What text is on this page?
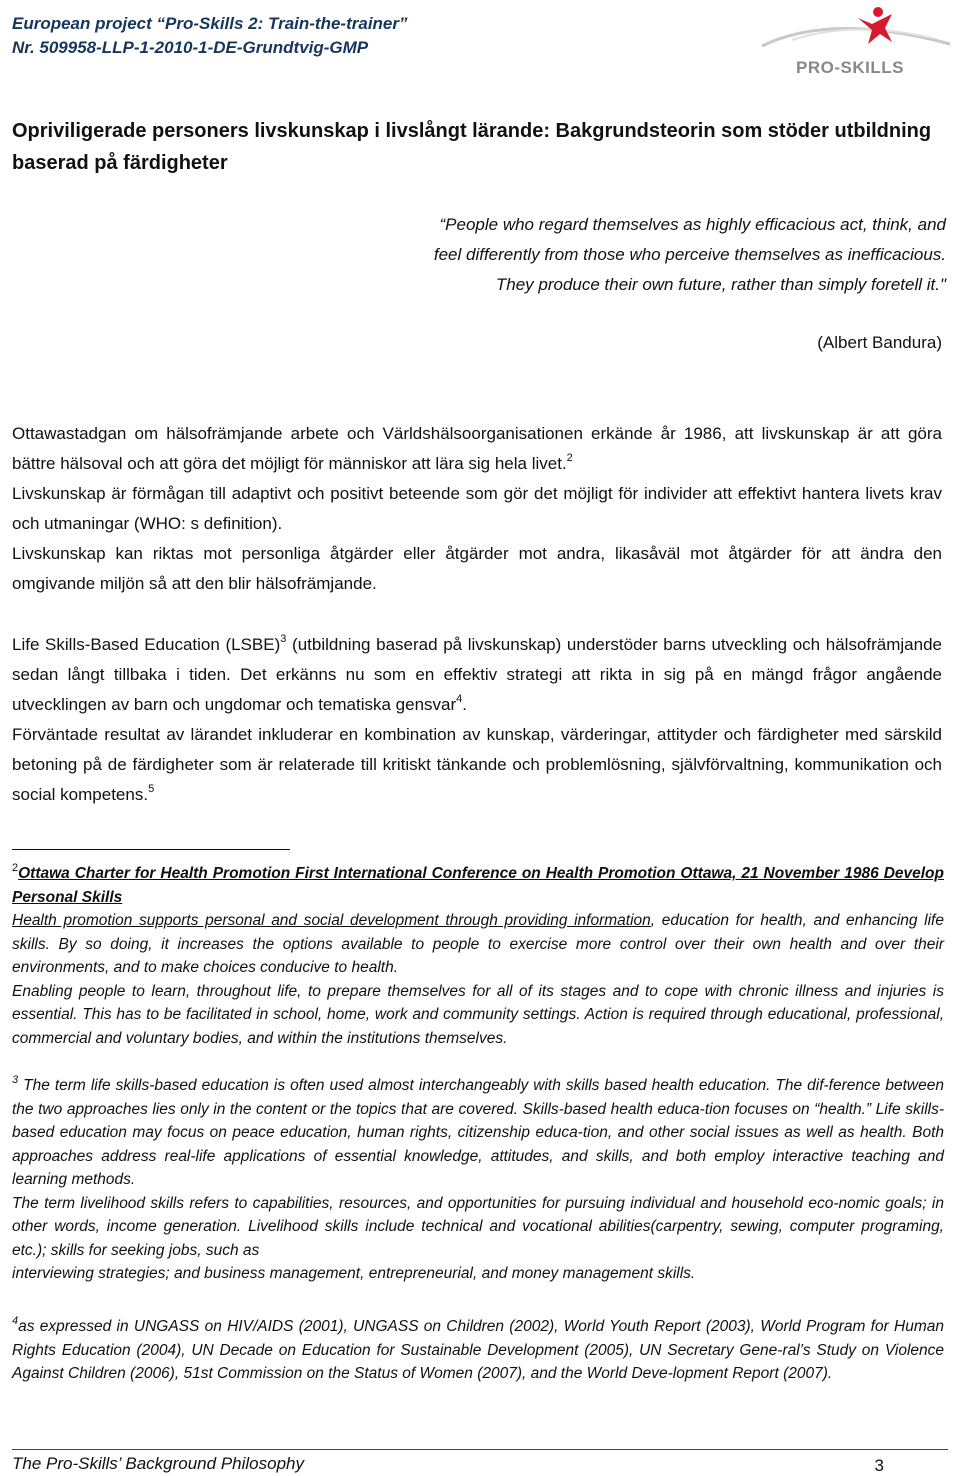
European project “Pro-Skills 2: Train-the-trainer”
Nr. 509958-LLP-1-2010-1-DE-Grundtvig-GMP
PRO-SKILLS
Opriviligerade personers livskunskap i livslångt lärande: Bakgrundsteorin som stöder utbildning baserad på färdigheter
“People who regard themselves as highly efficacious act, think, and
feel differently from those who perceive themselves as inefficacious.
They produce their own future, rather than simply foretell it."
(Albert Bandura)

Ottawastadgan om hälsofrämjande arbete och Världshälsoorganisationen erkände år 1986, att livskunskap är att göra bättre hälsoval och att göra det möjligt för människor att lära sig hela livet.$^2$

Livskunskap är förmågan till adaptivt och positivt beteende som gör det möjligt för individer att effektivt hantera livets krav och utmaningar (WHO: s definition).

Livskunskap kan riktas mot personliga åtgärder eller åtgärder mot andra, likasåväl mot åtgärder för att ändra den omgivande miljön så att den blir hälsofrämjande.

Life Skills-Based Education (LSBE)$^3$ (utbildning baserad på livskunskap) understöder barns utveckling och hälsofrämjande sedan långt tillbaka i tiden. Det erkänns nu som en effektiv strategi att rikta in sig på en mängd frågor angående utvecklingen av barn och ungdomar och tematiska gensvar$^4$.

Förväntade resultat av lärandet inkluderar en kombination av kunskap, värderingar, attityder och färdigheter med särskild betoning på de färdigheter som är relaterade till kritiskt tänkande och problemlösning, självförvaltning, kommunikation och social kompetens.$^5$

$^2$Ottawa Charter for Health Promotion First International Conference on Health Promotion Ottawa, 21 November 1986 Develop Personal Skills

Health promotion supports personal and social development through providing information, education for health, and enhancing life skills. By so doing, it increases the options available to people to exercise more control over their own health and over their environments, and to make choices conducive to health.

Enabling people to learn, throughout life, to prepare themselves for all of its stages and to cope with chronic illness and injuries is essential. This has to be facilitated in school, home, work and community settings. Action is required through educational, professional, commercial and voluntary bodies, and within the institutions themselves.

$^3$ The term life skills-based education is often used almost interchangeably with skills based health education. The dif-ference between the two approaches lies only in the content or the topics that are covered. Skills-based health educa-tion focuses on “health.” Life skills-based education may focus on peace education, human rights, citizenship educa-tion, and other social issues as well as health. Both approaches address real-life applications of essential knowledge, attitudes, and skills, and both employ interactive teaching and learning methods.

The term livelihood skills refers to capabilities, resources, and opportunities for pursuing individual and household eco-nomic goals; in other words, income generation. Livelihood skills include technical and vocational abilities(carpentry, sewing, computer programing, etc.); skills for seeking jobs, such as

interviewing strategies; and business management, entrepreneurial, and money management skills.

$^4$as expressed in UNGASS on HIV/AIDS (2001), UNGASS on Children (2002), World Youth Report (2003), World Program for Human Rights Education (2004), UN Decade on Education for Sustainable Development (2005), UN Secretary Gene-ral’s Study on Violence Against Children (2006), 51st Commission on the Status of Women (2007), and the World Deve-lopment Report (2007).

The Pro-Skills’ Background Philosophy	3
